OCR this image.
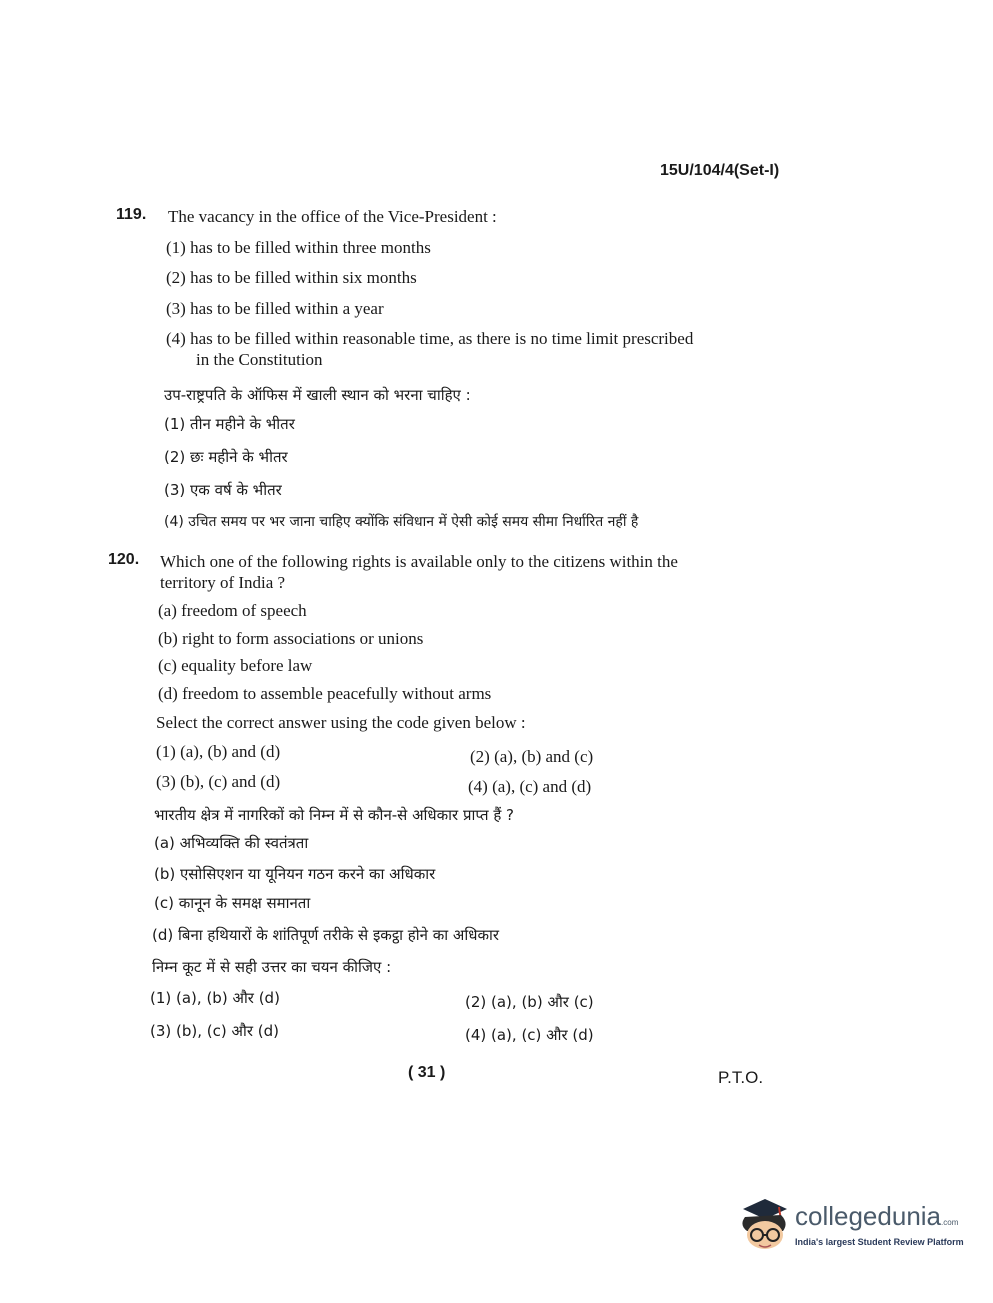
15U/104/4(Set-I)
119. The vacancy in the office of the Vice-President :
(1) has to be filled within three months
(2) has to be filled within six months
(3) has to be filled within a year
(4) has to be filled within reasonable time, as there is no time limit prescribed
in the Constitution
उप-राष्ट्रपति के ऑफिस में खाली स्थान को भरना चाहिए :
(1) तीन महीने के भीतर
(2) छः महीने के भीतर
(3) एक वर्ष के भीतर
(4) उचित समय पर भर जाना चाहिए क्योंकि संविधान में ऐसी कोई समय सीमा निर्धारित नहीं है
120. Which one of the following rights is available only to the citizens within the
territory of India ?
(a) freedom of speech
(b) right to form associations or unions
(c) equality before law
(d) freedom to assemble peacefully without arms
Select the correct answer using the code given below :
(1) (a), (b) and (d)	(2) (a), (b) and (c)
(3) (b), (c) and (d)	(4) (a), (c) and (d)
भारतीय क्षेत्र में नागरिकों को निम्न में से कौन-से अधिकार प्राप्त हैं ?
(a) अभिव्यक्ति की स्वतंत्रता
(b) एसोसिएशन या यूनियन गठन करने का अधिकार
(c) कानून के समक्ष समानता
(d) बिना हथियारों के शांतिपूर्ण तरीके से इकट्ठा होने का अधिकार
निम्न कूट में से सही उत्तर का चयन कीजिए :
(1) (a), (b) और (d)	(2) (a), (b) और (c)
(3) (b), (c) और (d)	(4) (a), (c) और (d)
( 31 )	P.T.O.
collegedunia.com
India's largest Student Review Platform
